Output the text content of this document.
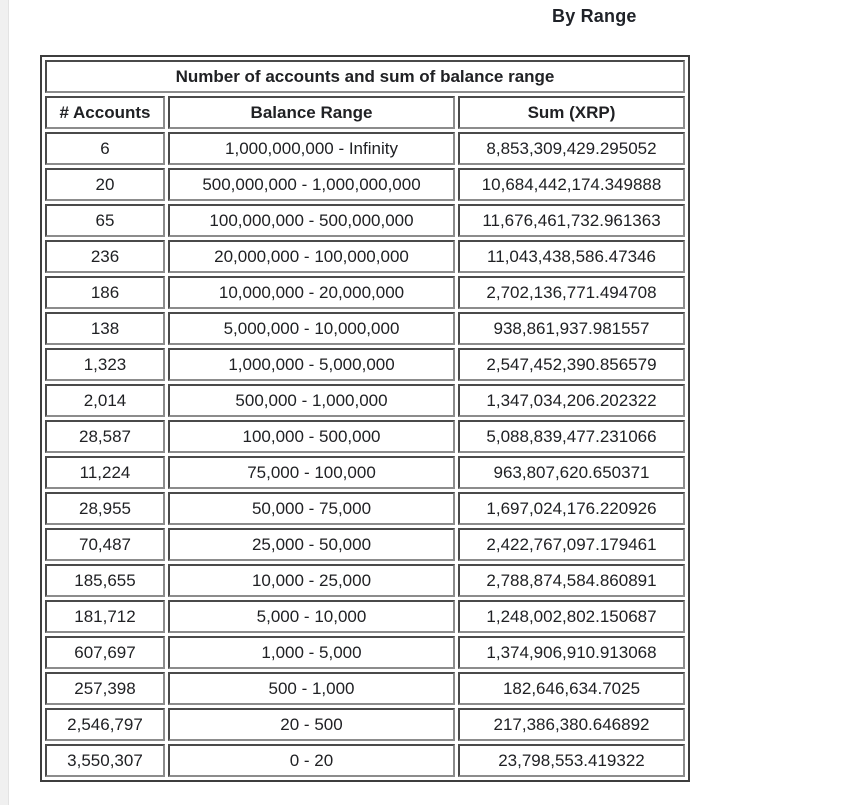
By Range
Number of accounts and sum of balance range		
# Accounts	Balance Range	Sum (XRP)
6	1,000,000,000 - Infinity	8,853,309,429.295052
20	500,000,000 - 1,000,000,000	10,684,442,174.349888
65	100,000,000 - 500,000,000	11,676,461,732.961363
236	20,000,000 - 100,000,000	11,043,438,586.47346
186	10,000,000 - 20,000,000	2,702,136,771.494708
138	5,000,000 - 10,000,000	938,861,937.981557
1,323	1,000,000 - 5,000,000	2,547,452,390.856579
2,014	500,000 - 1,000,000	1,347,034,206.202322
28,587	100,000 - 500,000	5,088,839,477.231066
11,224	75,000 - 100,000	963,807,620.650371
28,955	50,000 - 75,000	1,697,024,176.220926
70,487	25,000 - 50,000	2,422,767,097.179461
185,655	10,000 - 25,000	2,788,874,584.860891
181,712	5,000 - 10,000	1,248,002,802.150687
607,697	1,000 - 5,000	1,374,906,910.913068
257,398	500 - 1,000	182,646,634.7025
2,546,797	20 - 500	217,386,380.646892
3,550,307	0 - 20	23,798,553.419322
